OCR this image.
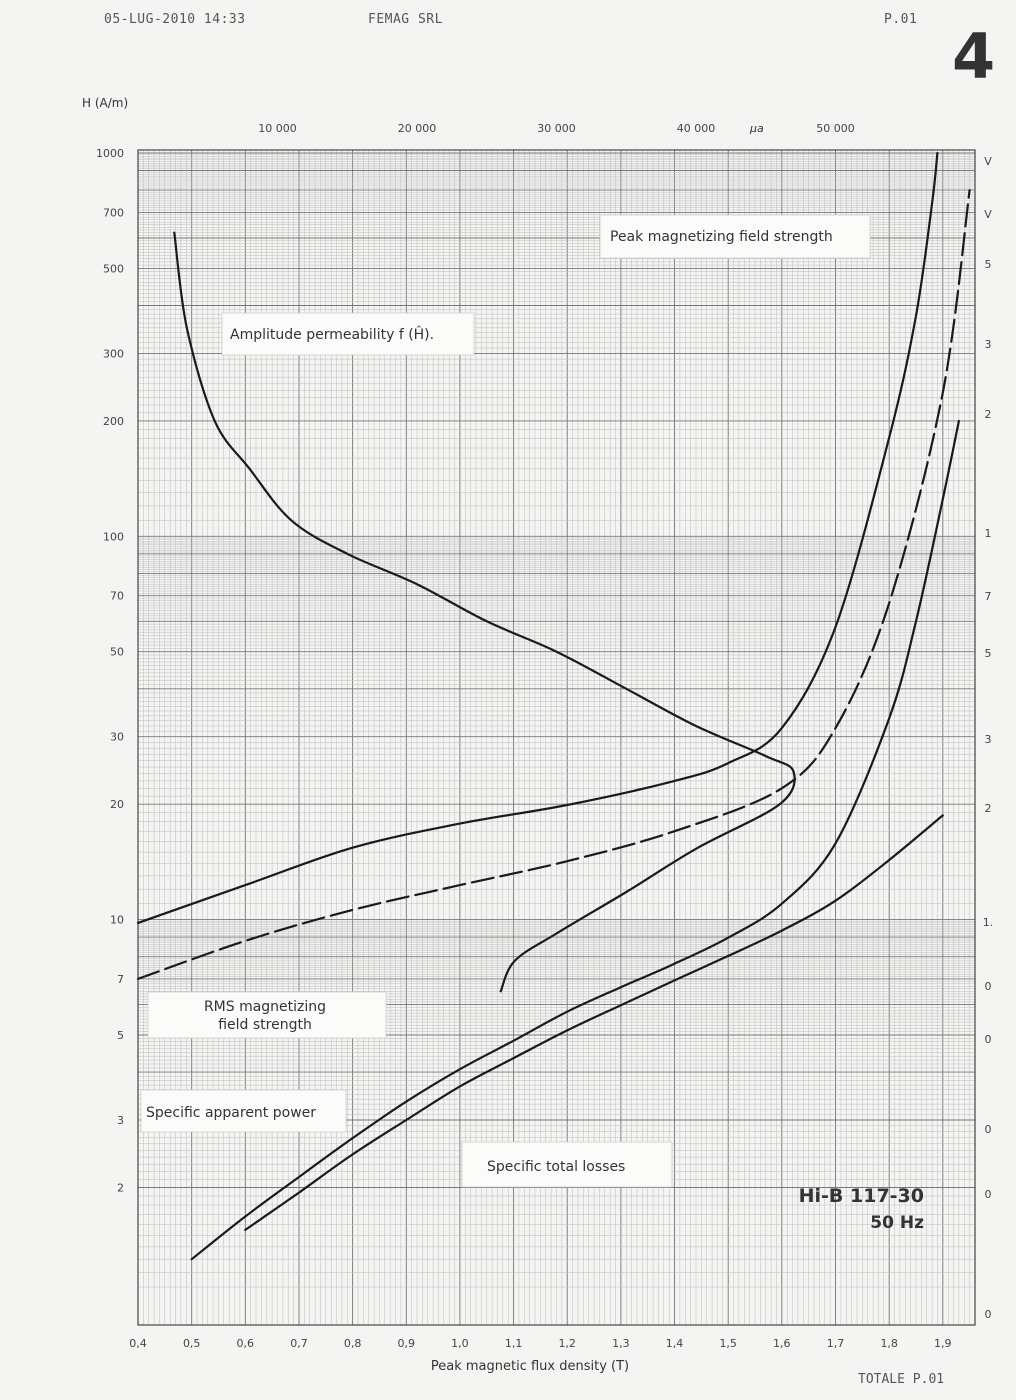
05-LUG-2010 14:33	FEMAG SRL	P.01
4
TOTALE P.01
0,4	0,5	0,6	0,7	0,8	0,9	1,0	1,1	1,2	1,3	1,4	1,5	1,6	1,7	1,8	1,9
2
3
5
7
10
20
30
50
70
100
200
300
500
700
1000
10 000	20 000	30 000	40 000	50 000
V
V
5
3
2
1
7
5
3
2
1.
0
0
0
0
0
H (A/m)
μa
Peak magnetic flux density (T)
Peak magnetizing field strength
Amplitude permeability f (Ĥ).
RMS magnetizing
field strength
Specific apparent power
Specific total losses
Hi-B 117-30
50 Hz
